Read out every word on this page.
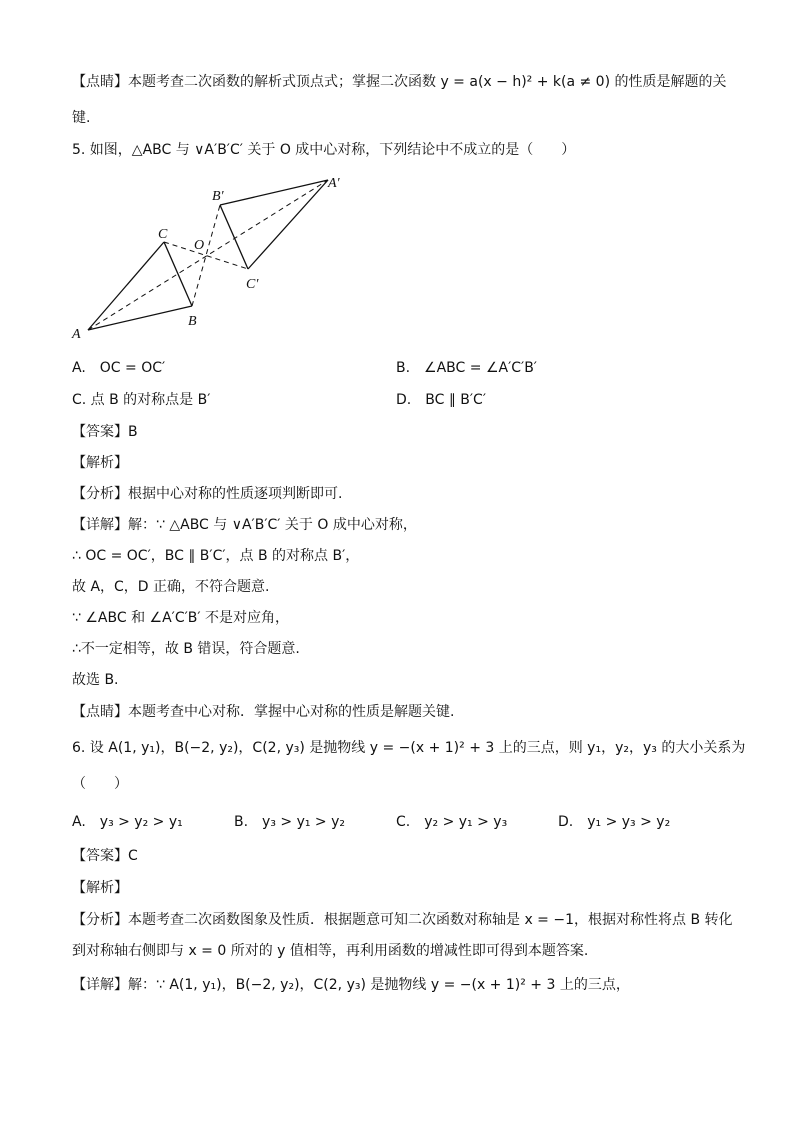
【点睛】本题考查二次函数的解析式顶点式；掌握二次函数 y = a(x − h)² + k(a ≠ 0) 的性质是解题的关
键.
5. 如图，△ABC 与 ∨A′B′C′ 关于 O 成中心对称，下列结论中不成立的是（　　）
A
B
C
O
A′
B′
C′
A.　OC = OC′	B.　∠ABC = ∠A′C′B′
C. 点 B 的对称点是 B′	D.　BC ∥ B′C′
【答案】B
【解析】
【分析】根据中心对称的性质逐项判断即可.
【详解】解：∵ △ABC 与 ∨A′B′C′ 关于 O 成中心对称，
∴ OC = OC′，BC ∥ B′C′，点 B 的对称点 B′，
故 A，C，D 正确，不符合题意.
∵ ∠ABC 和 ∠A′C′B′ 不是对应角，
∴不一定相等，故 B 错误，符合题意.
故选 B.
【点睛】本题考查中心对称．掌握中心对称的性质是解题关键.
6. 设 A(1, y₁)，B(−2, y₂)，C(2, y₃) 是抛物线 y = −(x + 1)² + 3 上的三点，则 y₁，y₂，y₃ 的大小关系为
（　　）
A.　y₃ > y₂ > y₁	B.　y₃ > y₁ > y₂	C.　y₂ > y₁ > y₃	D.　y₁ > y₃ > y₂
【答案】C
【解析】
【分析】本题考查二次函数图象及性质．根据题意可知二次函数对称轴是 x = −1，根据对称性将点 B 转化
到对称轴右侧即与 x = 0 所对的 y 值相等，再利用函数的增减性即可得到本题答案.
【详解】解：∵ A(1, y₁)，B(−2, y₂)，C(2, y₃) 是抛物线 y = −(x + 1)² + 3 上的三点，
